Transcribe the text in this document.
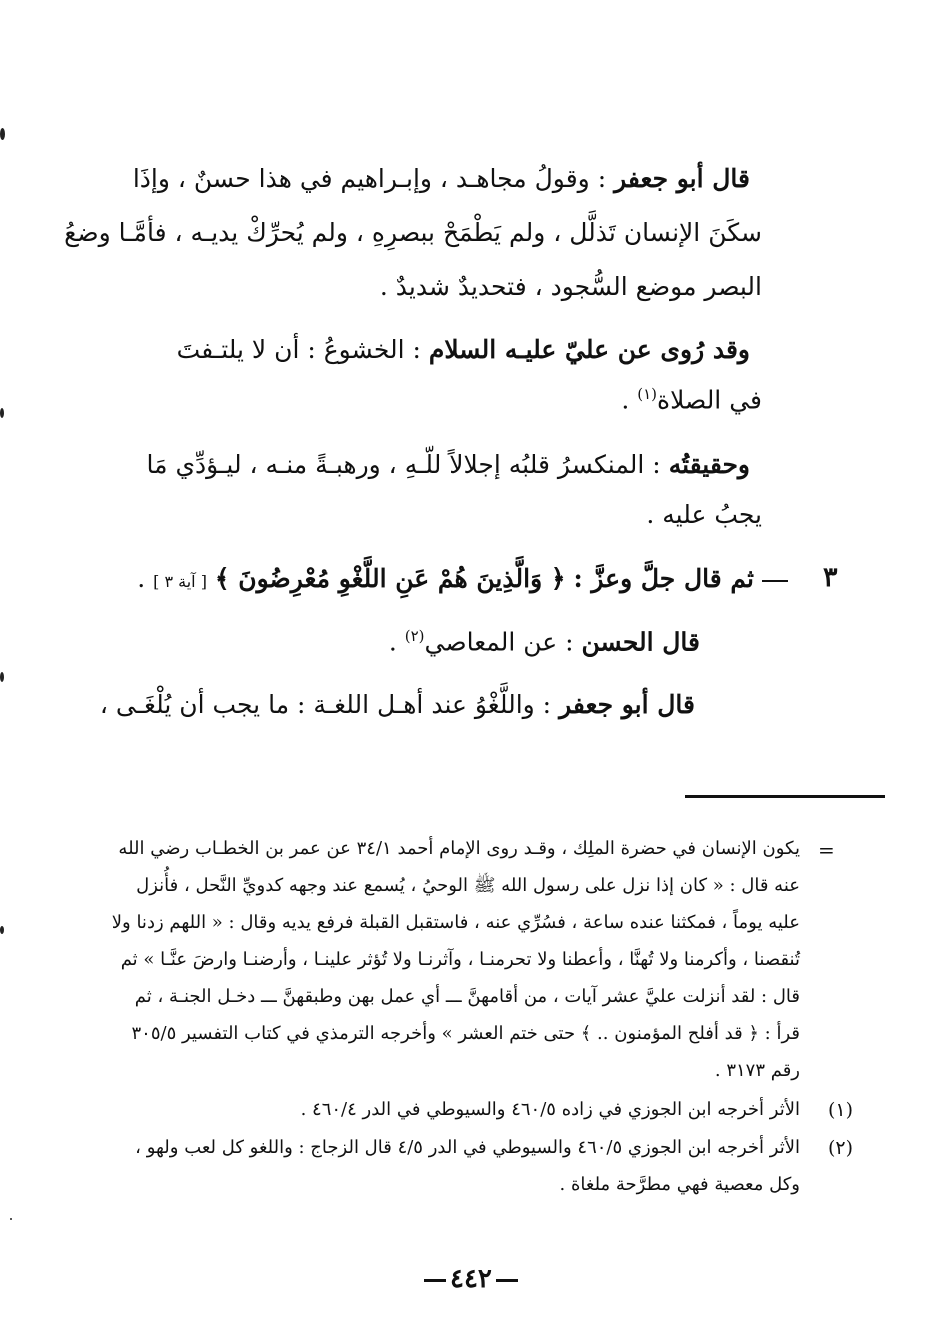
قال أبو جعفر : وقولُ مجاهـد ، وإبـراهيم في هذا حسنٌ ، وإذَا
سكَنَ الإنسان تَذلَّل ، ولم يَطْمَحْ ببصرِهِ ، ولم يُحرِّكْ يديـه ، فأمَّـا وضعُ
البصر موضع السُّجود ، فتحديدٌ شديدٌ .
وقد رُوى عن عليّ عليـه السلام : الخشوعُ : أن لا يلتـفتَ
في الصلاة$^{(١)}$ .
وحقيقتُه : المنكسرُ قلبُه إجلالاً للّـهِ ، ورهبـةً منـه ، ليـؤدِّي مَا
يجبُ عليه .
٣
ثم قال جلَّ وعزَّ : ﴿ وَالَّذِينَ هُمْ عَنِ اللَّغْوِ مُعْرِضُونَ ﴾ [ آية ٣ ] .
قال الحسن : عن المعاصي$^{(٢)}$ .
قال أبو جعفر : واللَّغْوُ عند أهـل اللغـة : ما يجب أن يُلْغَـى ،
=
يكون الإنسان في حضرة الملِك ، وقـد روى الإمام أحمد ٣٤/١ عن عمر بن الخطـاب رضي الله
عنه قال : « كان إذا نزل على رسول الله ﷺ الوحيُ ، يُسمع عند وجهه كدويِّ النَّحل ، فأُنزل
عليه يوماً ، فمكثنا عنده ساعة ، فسُرِّي عنه ، فاستقبل القبلة فرفع يديه وقال : « اللهم زدنا ولا
تُنقصنا ، وأكرمنا ولا تُهنَّا ، وأعطنا ولا تحرمنـا ، وآثرنـا ولا تُؤثر علينـا ، وأرضنـا وارضَ عنَّـا » ثم
قال : لقد أنزلت عليَّ عشر آيات ، من أقامهنَّ ـــ أي عمل بهن وطبقهنَّ ـــ دخـل الجنـة ، ثم
قرأ : ﴿ قد أفلح المؤمنون .. ﴾ حتى ختم العشر » وأخرجه الترمذي في كتاب التفسير ٣٠٥/٥
رقم ٣١٧٣ .
(١)
الأثر أخرجه ابن الجوزي في زاده ٤٦٠/٥ والسيوطي في الدر ٤٦٠/٤ .
(٢)
الأثر أخرجه ابن الجوزي ٤٦٠/٥ والسيوطي في الدر ٤/٥ قال الزجاج : واللغو كل لعب ولهو ،
وكل معصية فهي مطرَّحة ملغاة .
٤٤٢
